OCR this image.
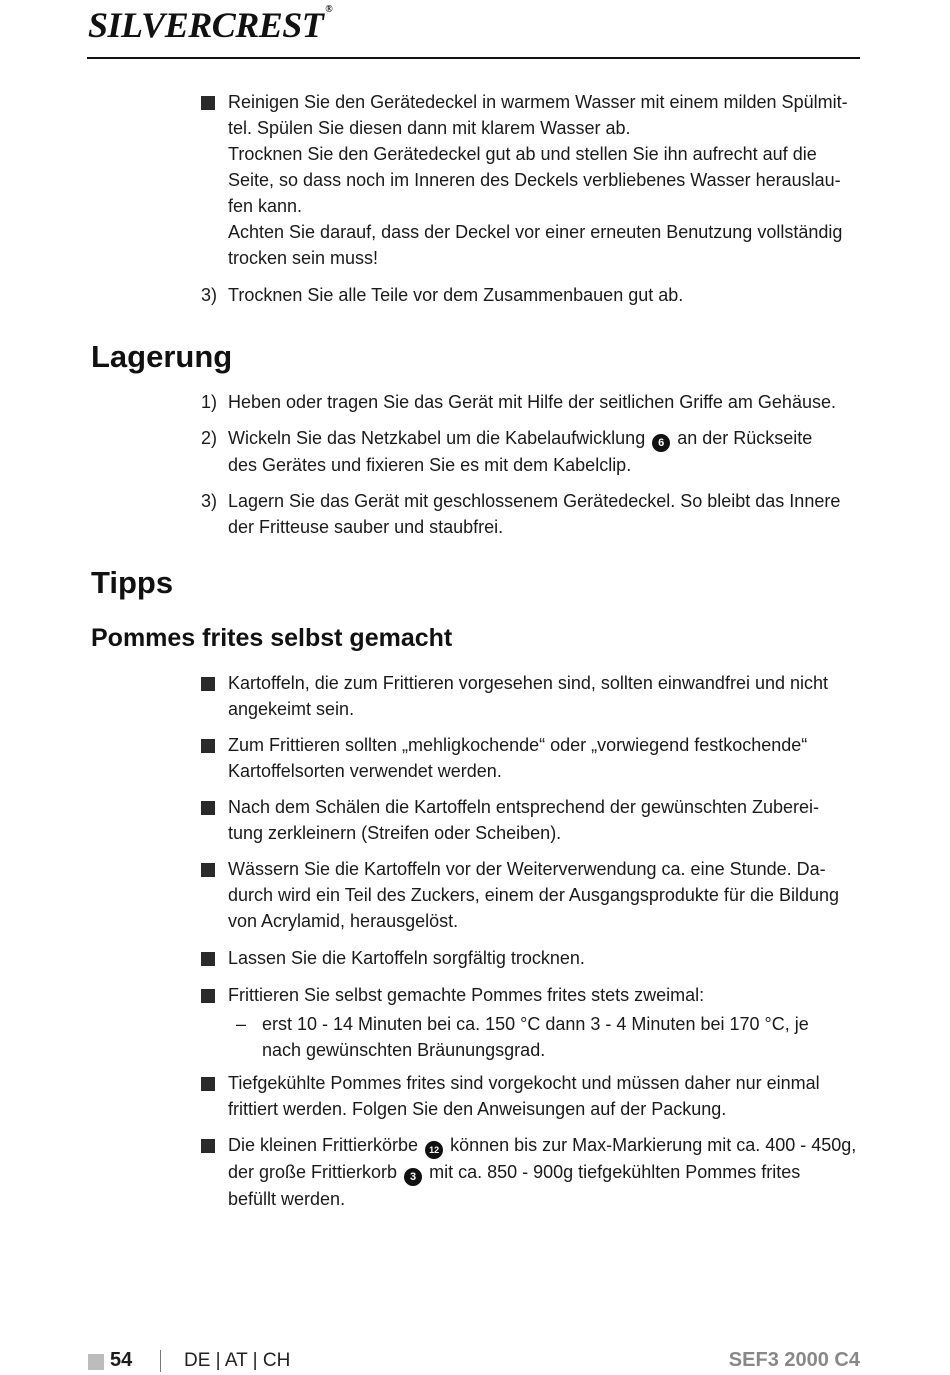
SILVERCREST ®
Reinigen Sie den Gerätedeckel in warmem Wasser mit einem milden Spülmit-
tel. Spülen Sie diesen dann mit klarem Wasser ab.
Trocknen Sie den Gerätedeckel gut ab und stellen Sie ihn aufrecht auf die
Seite, so dass noch im Inneren des Deckels verbliebenes Wasser herauslau-
fen kann.
Achten Sie darauf, dass der Deckel vor einer erneuten Benutzung vollständig
trocken sein muss!
3) Trocknen Sie alle Teile vor dem Zusammenbauen gut ab.
Lagerung
1) Heben oder tragen Sie das Gerät mit Hilfe der seitlichen Griffe am Gehäuse.
2) Wickeln Sie das Netzkabel um die Kabelaufwicklung 6 an der Rückseite
des Gerätes und fixieren Sie es mit dem Kabelclip.
3) Lagern Sie das Gerät mit geschlossenem Gerätedeckel. So bleibt das Innere
der Fritteuse sauber und staubfrei.
Tipps
Pommes frites selbst gemacht
Kartoffeln, die zum Frittieren vorgesehen sind, sollten einwandfrei und nicht
angekeimt sein.
Zum Frittieren sollten „mehligkochende“ oder „vorwiegend festkochende“
Kartoffelsorten verwendet werden.
Nach dem Schälen die Kartoffeln entsprechend der gewünschten Zuberei-
tung zerkleinern (Streifen oder Scheiben).
Wässern Sie die Kartoffeln vor der Weiterverwendung ca. eine Stunde. Da-
durch wird ein Teil des Zuckers, einem der Ausgangsprodukte für die Bildung
von Acrylamid, herausgelöst.
Lassen Sie die Kartoffeln sorgfältig trocknen.
Frittieren Sie selbst gemachte Pommes frites stets zweimal:
– erst 10 - 14 Minuten bei ca. 150 °C dann 3 - 4 Minuten bei 170 °C, je
nach gewünschten Bräunungsgrad.
Tiefgekühlte Pommes frites sind vorgekocht und müssen daher nur einmal
frittiert werden. Folgen Sie den Anweisungen auf der Packung.
Die kleinen Frittierkörbe 12 können bis zur Max-Markierung mit ca. 400 - 450g,
der große Frittierkorb 3 mit ca. 850 - 900g tiefgekühlten Pommes frites
befüllt werden.
54	DE | AT | CH	SEF3 2000 C4
